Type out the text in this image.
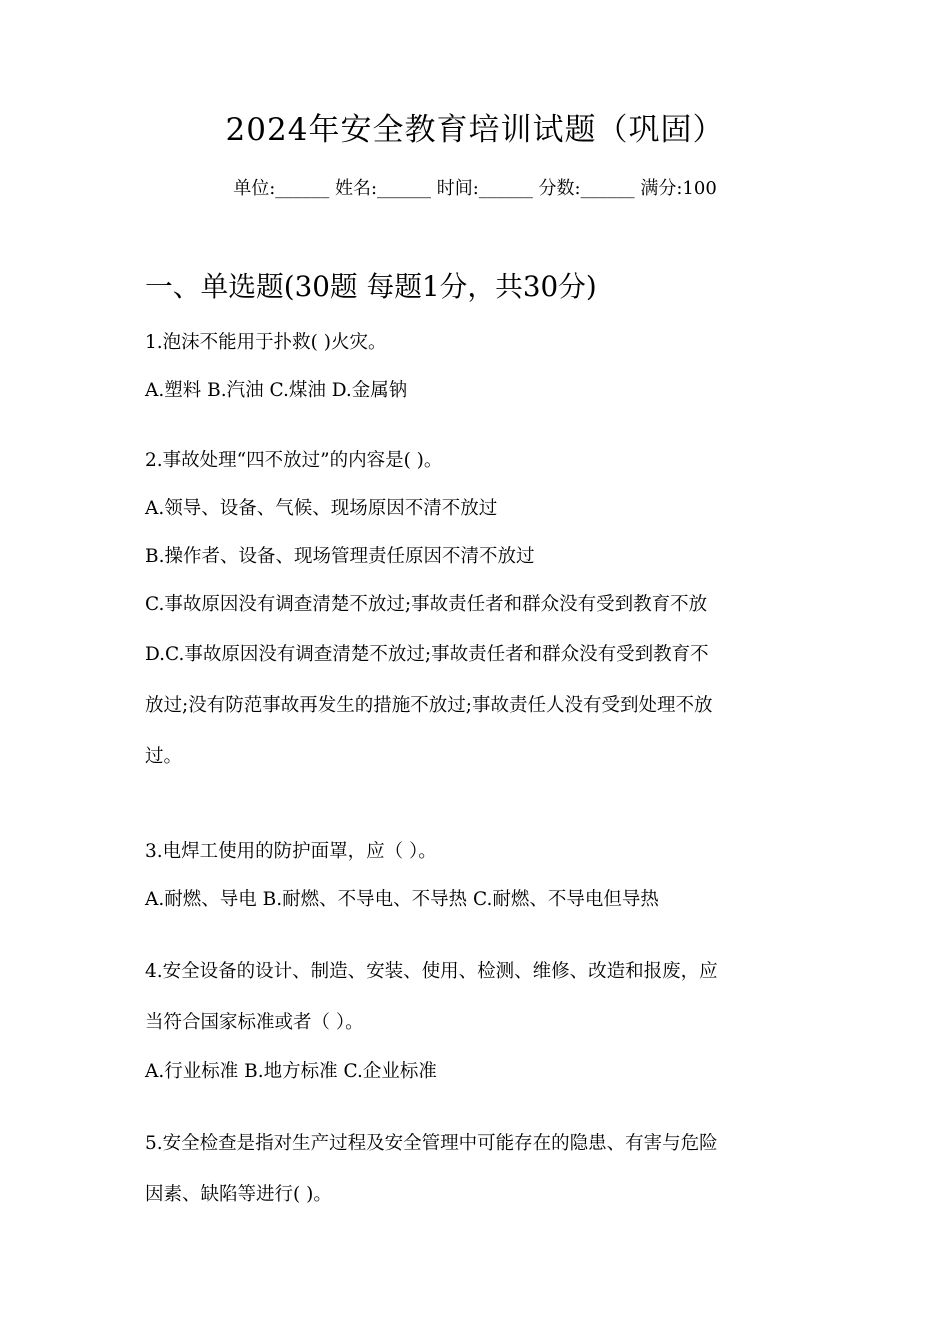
2024年安全教育培训试题（巩固）
单位:______ 姓名:______ 时间:______ 分数:______ 满分:100
一、单选题(30题 每题1分，共30分)

1.泡沫不能用于扑救( )火灾。

A.塑料 B.汽油 C.煤油 D.金属钠

2.事故处理“四不放过”的内容是( )。

A.领导、设备、气候、现场原因不清不放过
B.操作者、设备、现场管理责任原因不清不放过
C.事故原因没有调查清楚不放过;事故责任者和群众没有受到教育不放

D.C.事故原因没有调查清楚不放过;事故责任者和群众没有受到教育不
放过;没有防范事故再发生的措施不放过;事故责任人没有受到处理不放
过。

3.电焊工使用的防护面罩，应（ ）。

A.耐燃、导电 B.耐燃、不导电、不导热 C.耐燃、不导电但导热

4.安全设备的设计、制造、安装、使用、检测、维修、改造和报废，应
当符合国家标准或者（ ）。

A.行业标准 B.地方标准 C.企业标准

5.安全检查是指对生产过程及安全管理中可能存在的隐患、有害与危险
因素、缺陷等进行( )。
